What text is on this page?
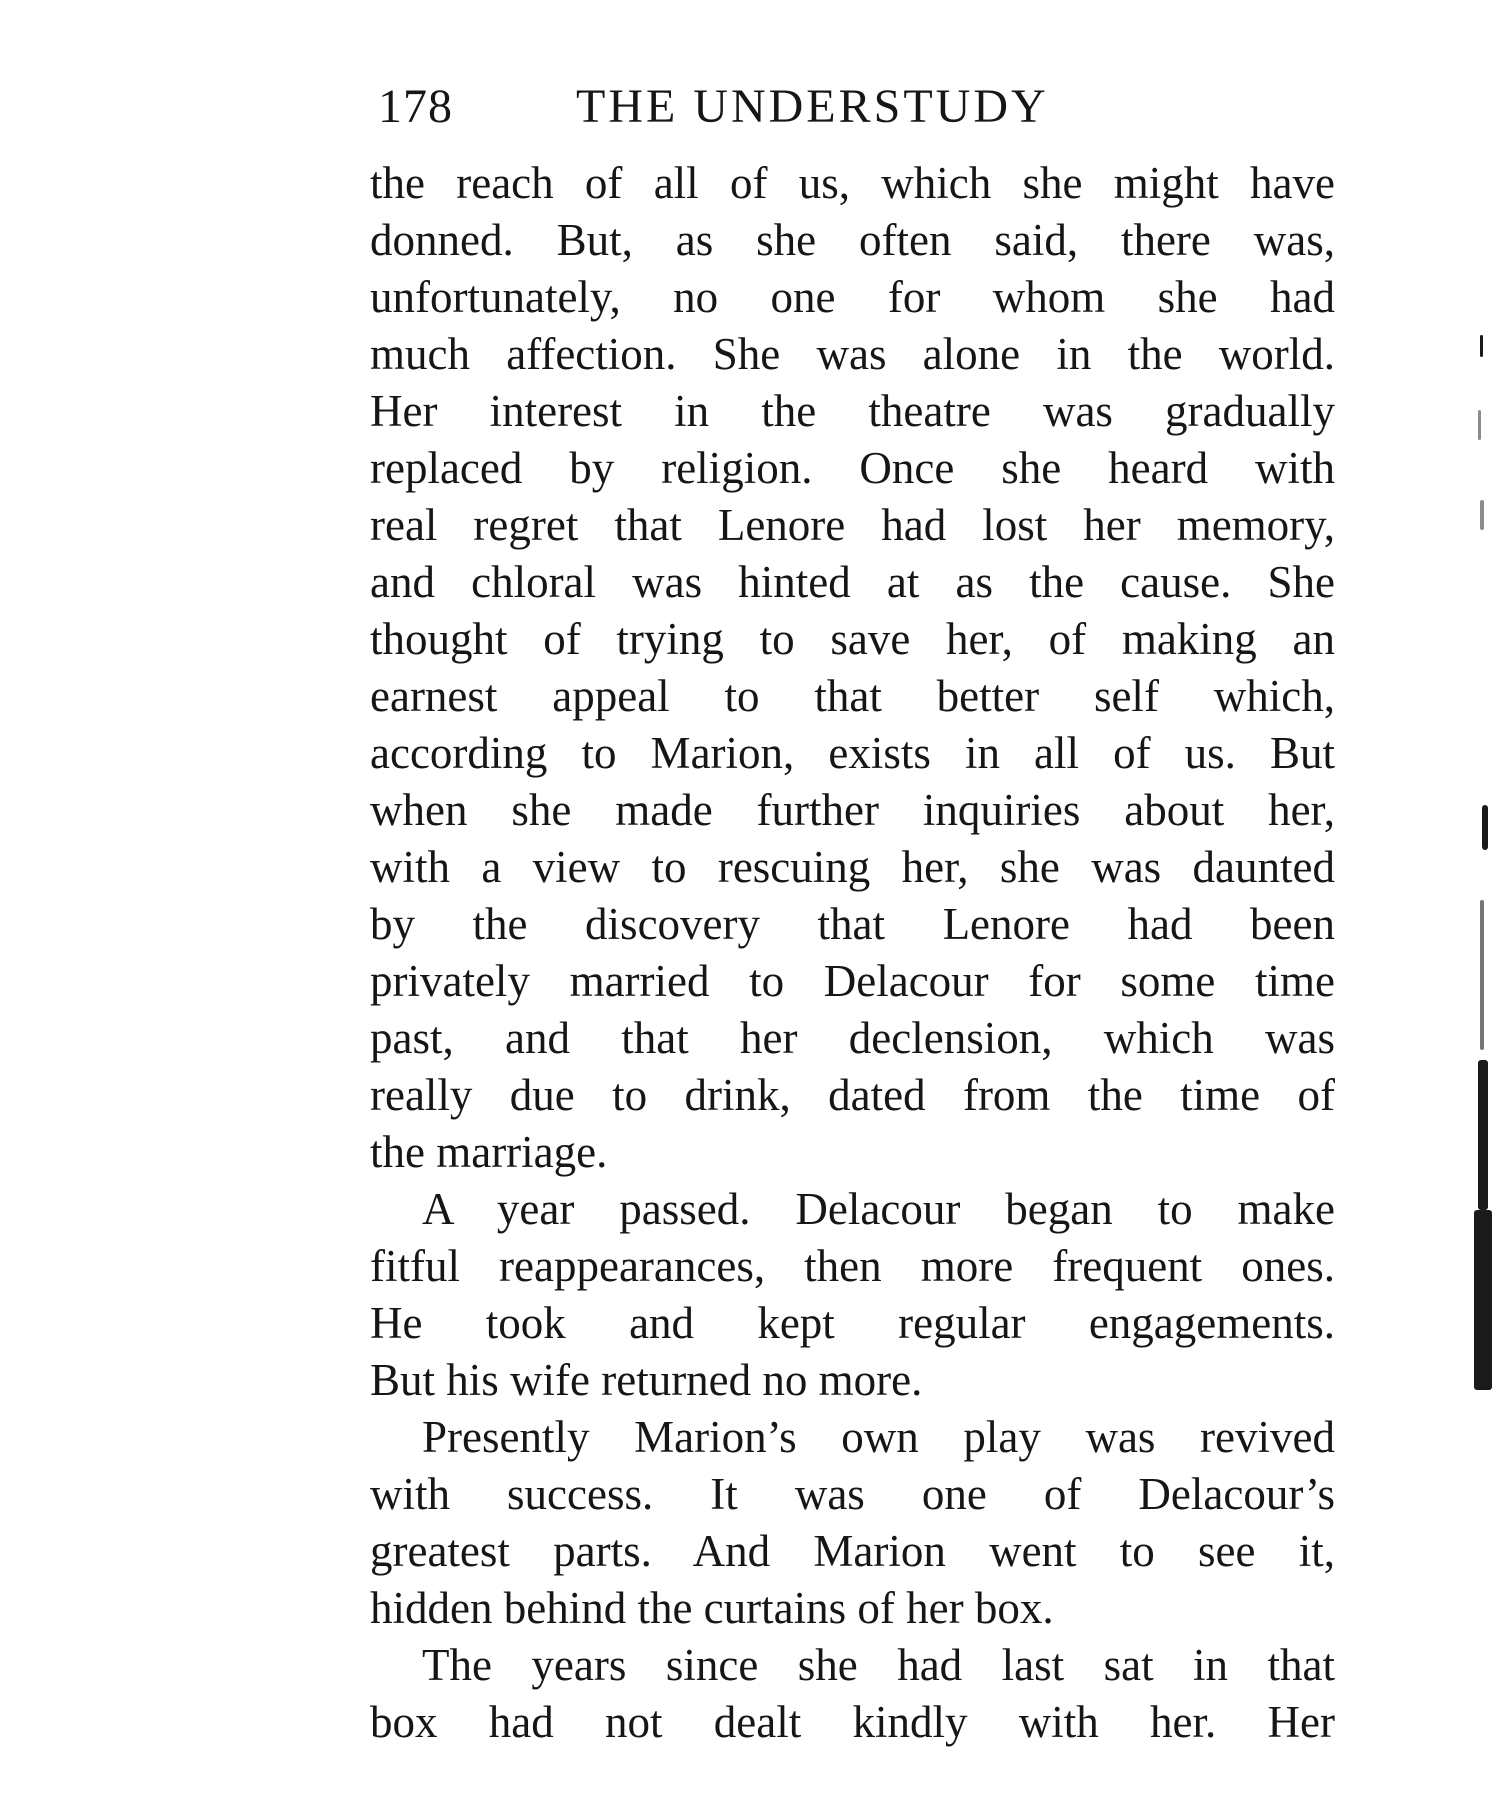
178	THE UNDERSTUDY
the reach of all of us, which she might have
donned. But, as she often said, there was,
unfortunately, no one for whom she had
much affection. She was alone in the world.
Her interest in the theatre was gradually
replaced by religion. Once she heard with
real regret that Lenore had lost her memory,
and chloral was hinted at as the cause. She
thought of trying to save her, of making an
earnest appeal to that better self which,
according to Marion, exists in all of us. But
when she made further inquiries about her,
with a view to rescuing her, she was daunted
by the discovery that Lenore had been
privately married to Delacour for some time
past, and that her declension, which was
really due to drink, dated from the time of
the marriage.
A year passed. Delacour began to make
fitful reappearances, then more frequent ones.
He took and kept regular engagements.
But his wife returned no more.
Presently Marion’s own play was revived
with success. It was one of Delacour’s
greatest parts. And Marion went to see it,
hidden behind the curtains of her box.
The years since she had last sat in that
box had not dealt kindly with her. Her
